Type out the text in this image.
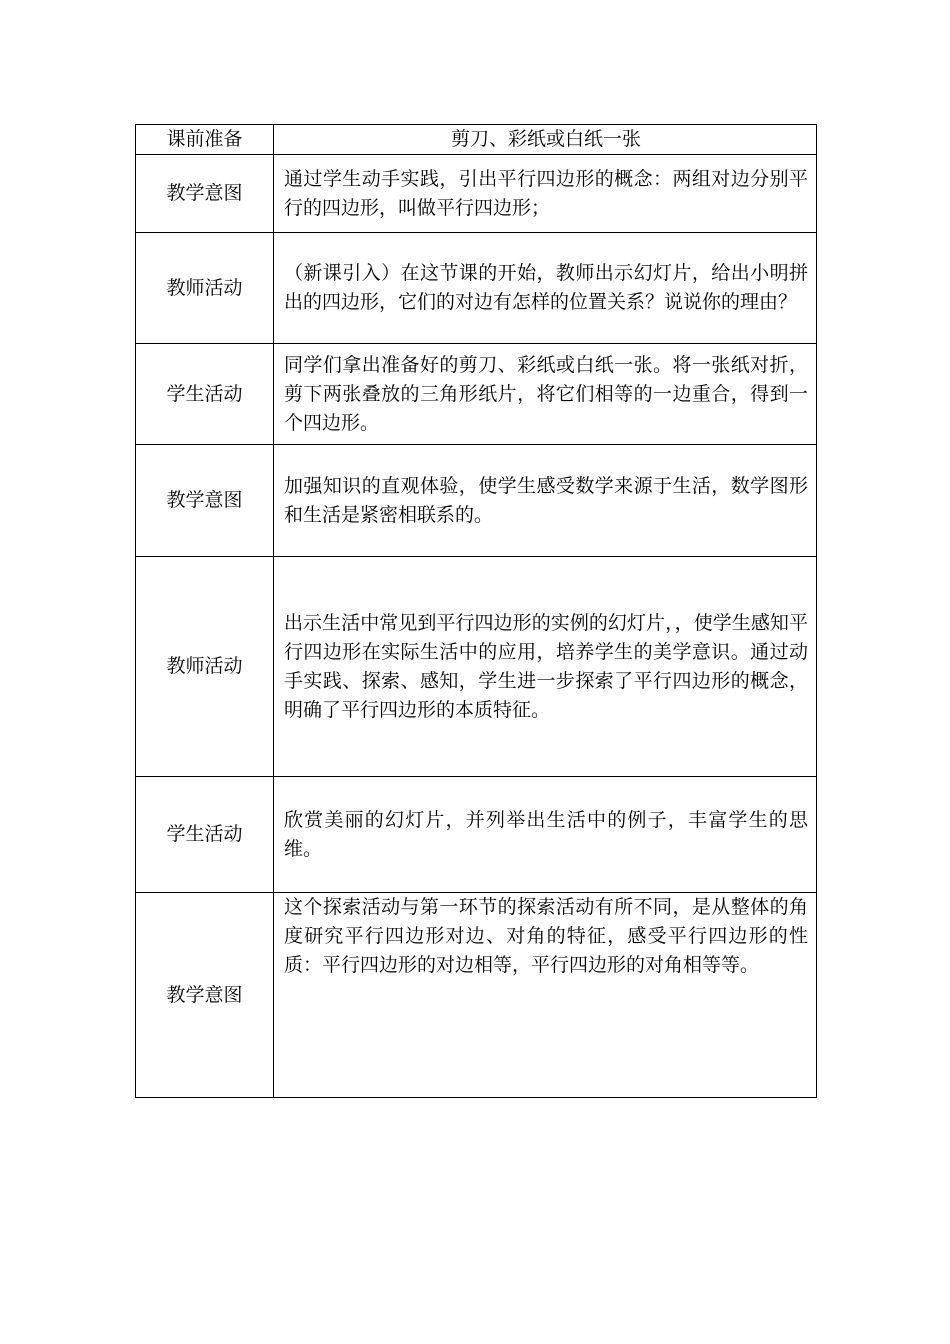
课前准备	剪刀、彩纸或白纸一张
教学意图	通过学生动手实践，引出平行四边形的概念：两组对边分别平行的四边形，叫做平行四边形；
教师活动	（新课引入）在这节课的开始，教师出示幻灯片，给出小明拼出的四边形，它们的对边有怎样的位置关系？说说你的理由？
学生活动	同学们拿出准备好的剪刀、彩纸或白纸一张。将一张纸对折，剪下两张叠放的三角形纸片，将它们相等的一边重合，得到一个四边形。
教学意图	加强知识的直观体验，使学生感受数学来源于生活，数学图形和生活是紧密相联系的。
教师活动	出示生活中常见到平行四边形的实例的幻灯片，，使学生感知平行四边形在实际生活中的应用，培养学生的美学意识。通过动手实践、探索、感知，学生进一步探索了平行四边形的概念，明确了平行四边形的本质特征。
学生活动	欣赏美丽的幻灯片，并列举出生活中的例子，丰富学生的思维。
教学意图	这个探索活动与第一环节的探索活动有所不同，是从整体的角度研究平行四边形对边、对角的特征，感受平行四边形的性质：平行四边形的对边相等，平行四边形的对角相等等。
